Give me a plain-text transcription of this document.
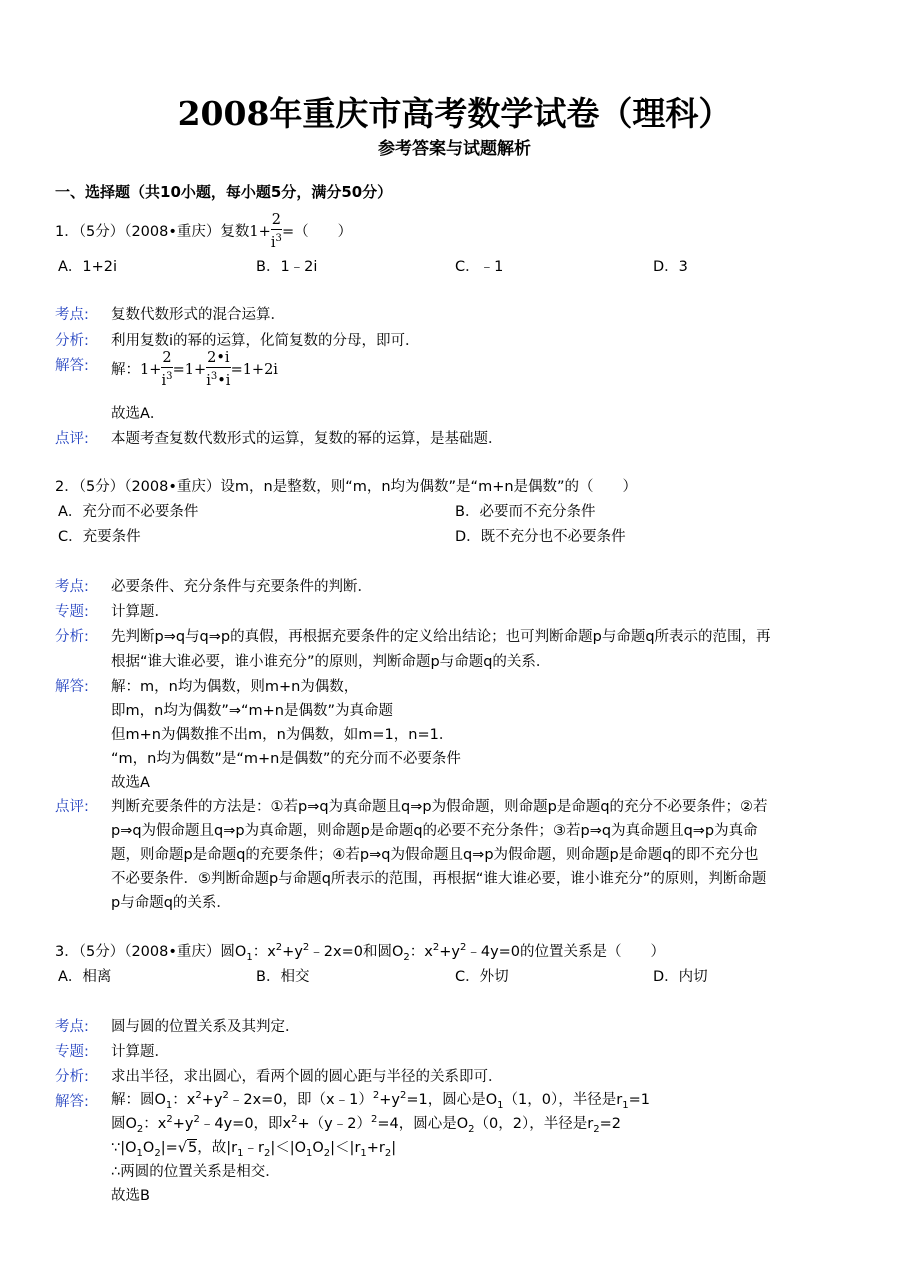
2008年重庆市高考数学试卷（理科）
参考答案与试题解析
一、选择题（共10小题，每小题5分，满分50分）
1．（5分）（2008•重庆）复数$1+ \frac{2}{i^3}$ =（　　）
A．1+2i	B．1﹣2i	C．﹣1	D．3
考点: 复数代数形式的混合运算．
分析: 利用复数i的幂的运算，化简复数的分母，即可．
解答: 解：$1+ \frac{2}{i^3} =1+ \frac{2•i}{i^3•i} =1+2i$
故选A．
点评: 本题考查复数代数形式的运算，复数的幂的运算，是基础题．
2．（5分）（2008•重庆）设m，n是整数，则“m，n均为偶数”是“m+n是偶数”的（　　）
A．充分而不必要条件	B．必要而不充分条件
C．充要条件	D．既不充分也不必要条件
考点: 必要条件、充分条件与充要条件的判断．
专题: 计算题．
分析: 先判断p⇒q与q⇒p的真假，再根据充要条件的定义给出结论；也可判断命题p与命题q所表示的范围，再
根据“谁大谁必要，谁小谁充分”的原则，判断命题p与命题q的关系．
解答: 解：m，n均为偶数，则m+n为偶数，
即m，n均为偶数”⇒“m+n是偶数”为真命题
但m+n为偶数推不出m，n为偶数，如m=1，n=1．
“m，n均为偶数”是“m+n是偶数”的充分而不必要条件
故选A
点评: 判断充要条件的方法是：①若p⇒q为真命题且q⇒p为假命题，则命题p是命题q的充分不必要条件；②若
p⇒q为假命题且q⇒p为真命题，则命题p是命题q的必要不充分条件；③若p⇒q为真命题且q⇒p为真命
题，则命题p是命题q的充要条件；④若p⇒q为假命题且q⇒p为假命题，则命题p是命题q的即不充分也
不必要条件．⑤判断命题p与命题q所表示的范围，再根据“谁大谁必要，谁小谁充分”的原则，判断命题
p与命题q的关系．
3．（5分）（2008•重庆）圆$O_1$：$x^2+y^2﹣2x=0$和圆$O_2$：$x^2+y^2﹣4y=0$的位置关系是（　　）
A．相离	B．相交	C．外切	D．内切
考点: 圆与圆的位置关系及其判定．
专题: 计算题．
分析: 求出半径，求出圆心，看两个圆的圆心距与半径的关系即可．
解答: 解：圆$O_1$：$x^2+y^2﹣2x=0$，即$(x﹣1)^2+y^2=1$，圆心是$O_1(1$，0），半径是$r_1=1$
圆$O_2$：$x^2+y^2﹣4y=0$，即$x^2+(y﹣2)^2=4$，圆心是$O_2(0$，2），半径是$r_2=2$
$\because|O_1O_2|=√5$，故$|r_1﹣r_2|<|O_1O_2|<|r_1+r_2|$
∴两圆的位置关系是相交．
故选B
